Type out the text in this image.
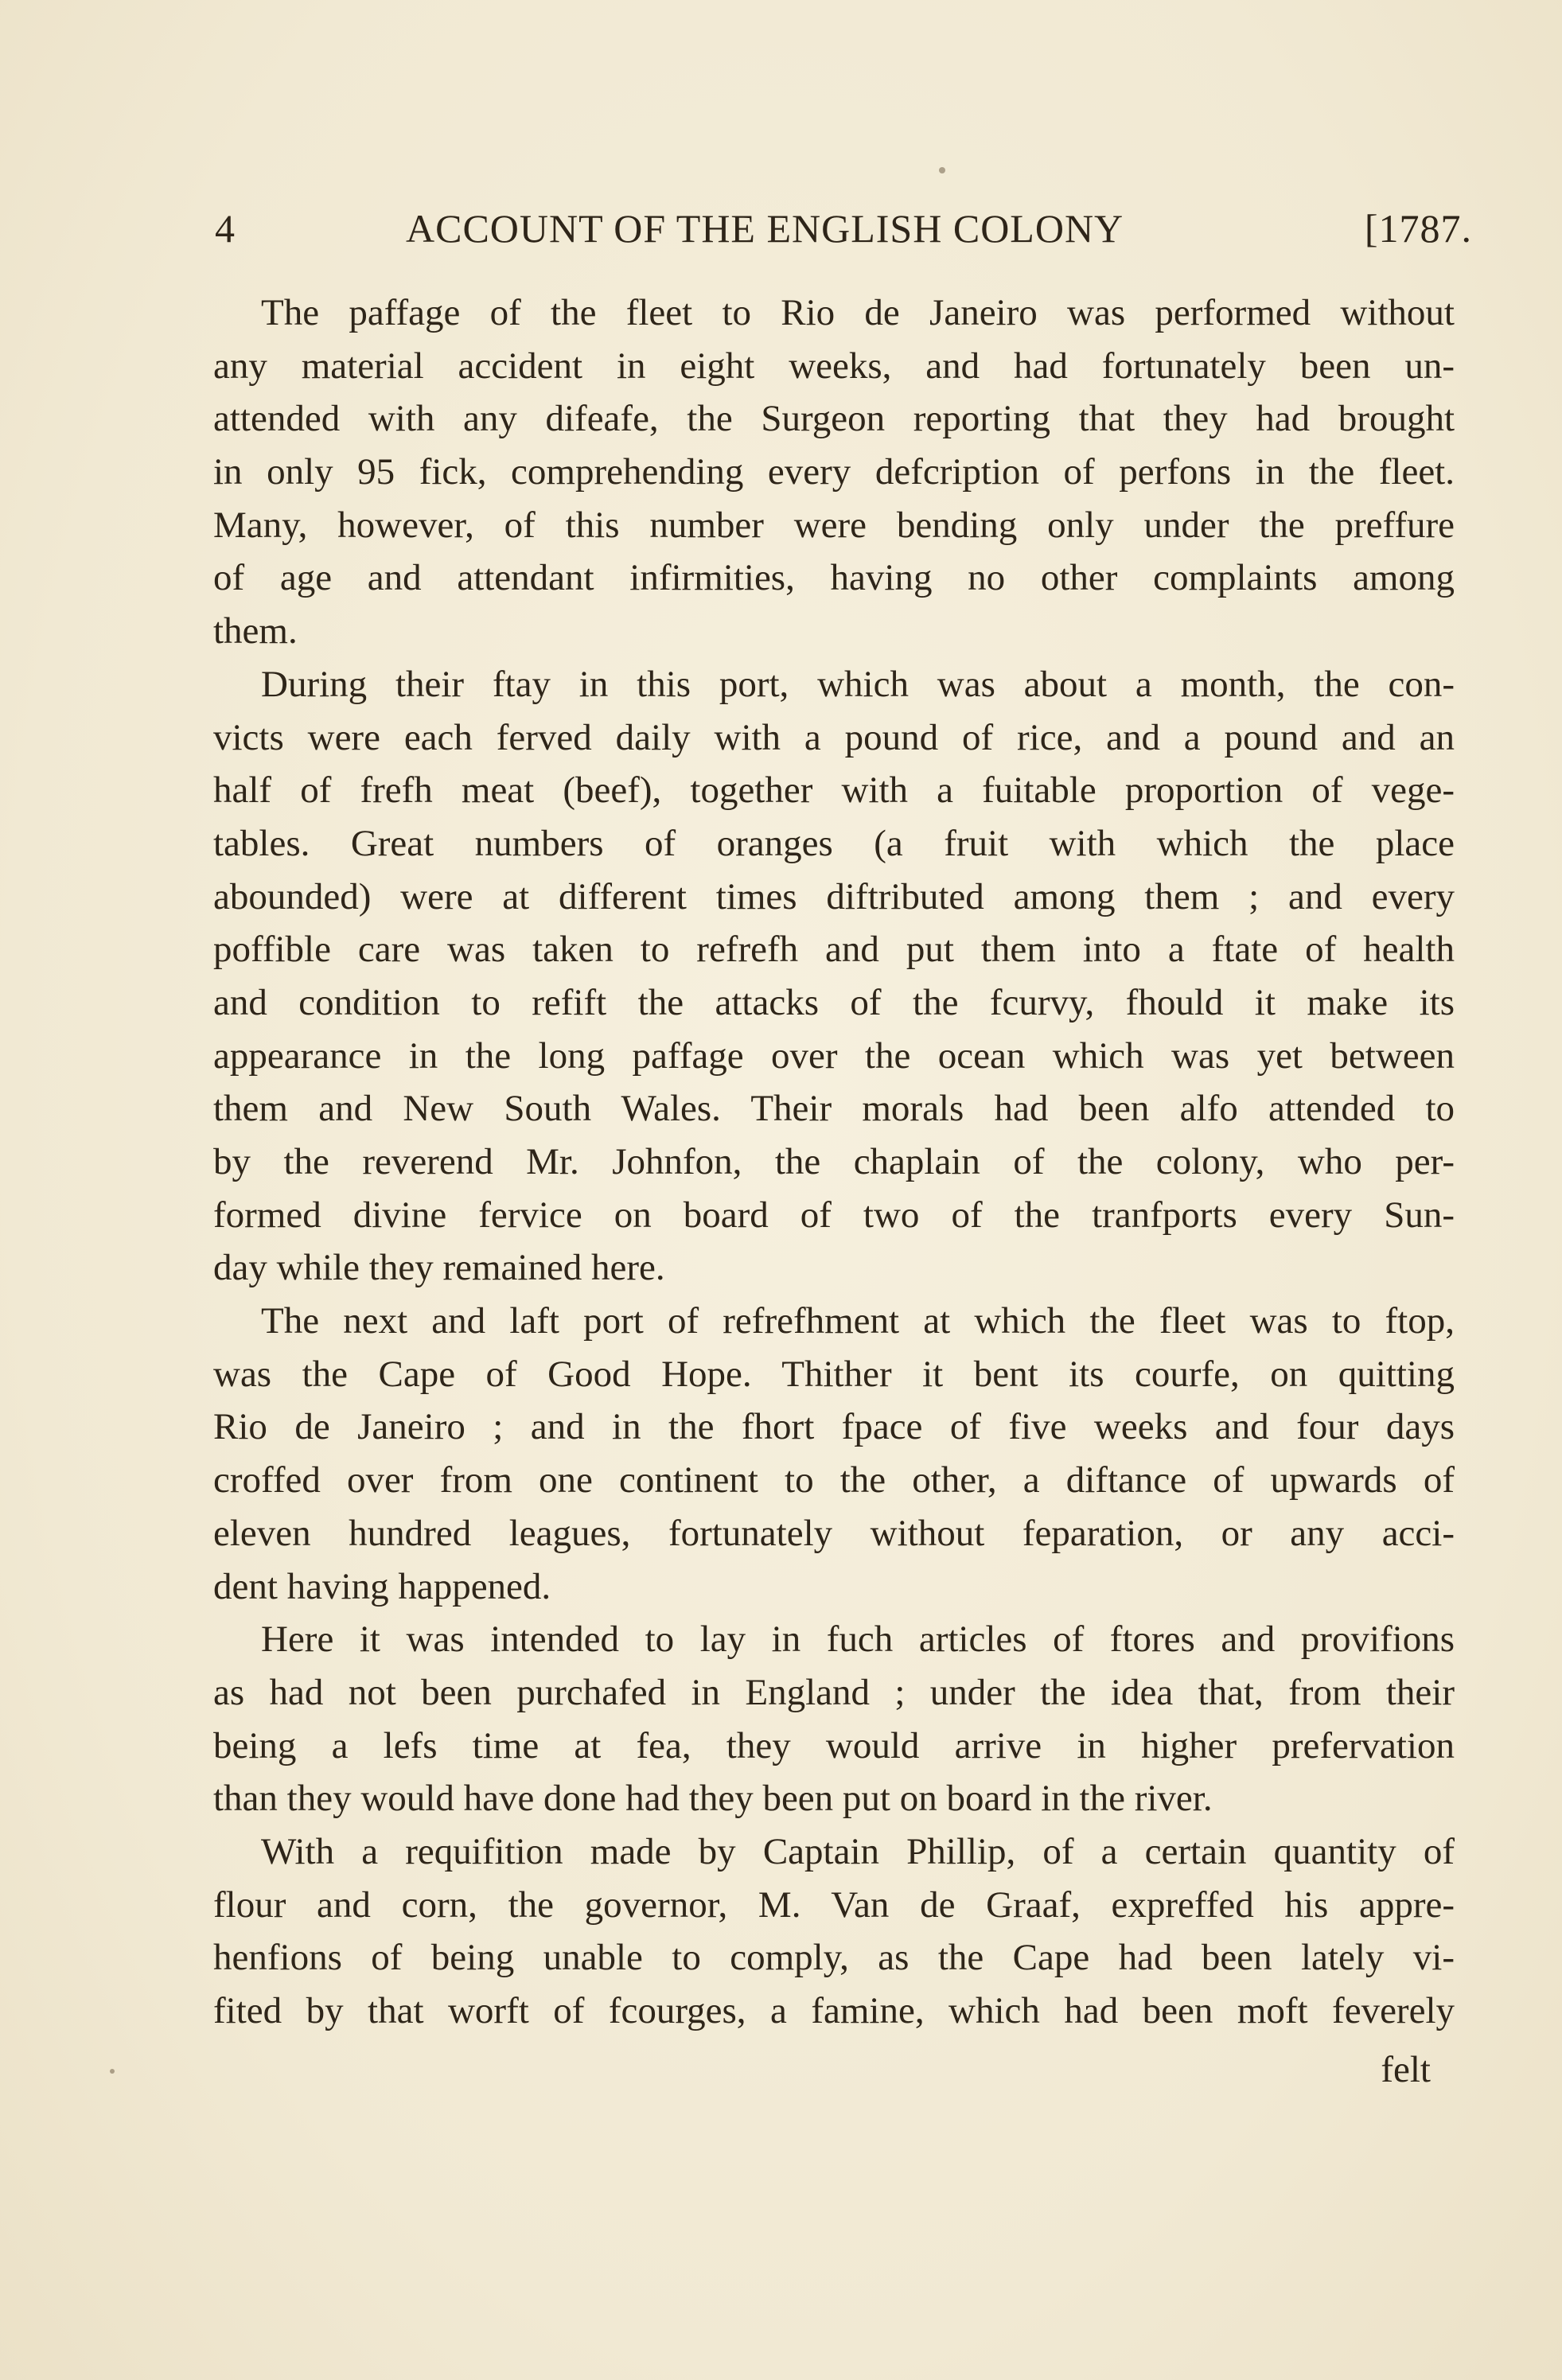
4	ACCOUNT OF THE ENGLISH COLONY	[1787.
The paffage of the fleet to Rio de Janeiro was performed without
any material accident in eight weeks, and had fortunately been un-
attended with any difeafe, the Surgeon reporting that they had brought
in only 95 fick, comprehending every defcription of perfons in the fleet.
Many, however, of this number were bending only under the preffure
of age and attendant infirmities, having no other complaints among
them.
During their ftay in this port, which was about a month, the con-
victs were each ferved daily with a pound of rice, and a pound and an
half of frefh meat (beef), together with a fuitable proportion of vege-
tables. Great numbers of oranges (a fruit with which the place
abounded) were at different times diftributed among them ; and every
poffible care was taken to refrefh and put them into a ftate of health
and condition to refift the attacks of the fcurvy, fhould it make its
appearance in the long paffage over the ocean which was yet between
them and New South Wales. Their morals had been alfo attended to
by the reverend Mr. Johnfon, the chaplain of the colony, who per-
formed divine fervice on board of two of the tranfports every Sun-
day while they remained here.
The next and laft port of refrefhment at which the fleet was to ftop,
was the Cape of Good Hope. Thither it bent its courfe, on quitting
Rio de Janeiro ; and in the fhort fpace of five weeks and four days
croffed over from one continent to the other, a diftance of upwards of
eleven hundred leagues, fortunately without feparation, or any acci-
dent having happened.
Here it was intended to lay in fuch articles of ftores and provifions
as had not been purchafed in England ; under the idea that, from their
being a lefs time at fea, they would arrive in higher prefervation
than they would have done had they been put on board in the river.
With a requifition made by Captain Phillip, of a certain quantity of
flour and corn, the governor, M. Van de Graaf, expreffed his appre-
henfions of being unable to comply, as the Cape had been lately vi-
fited by that worft of fcourges, a famine, which had been moft feverely
felt
